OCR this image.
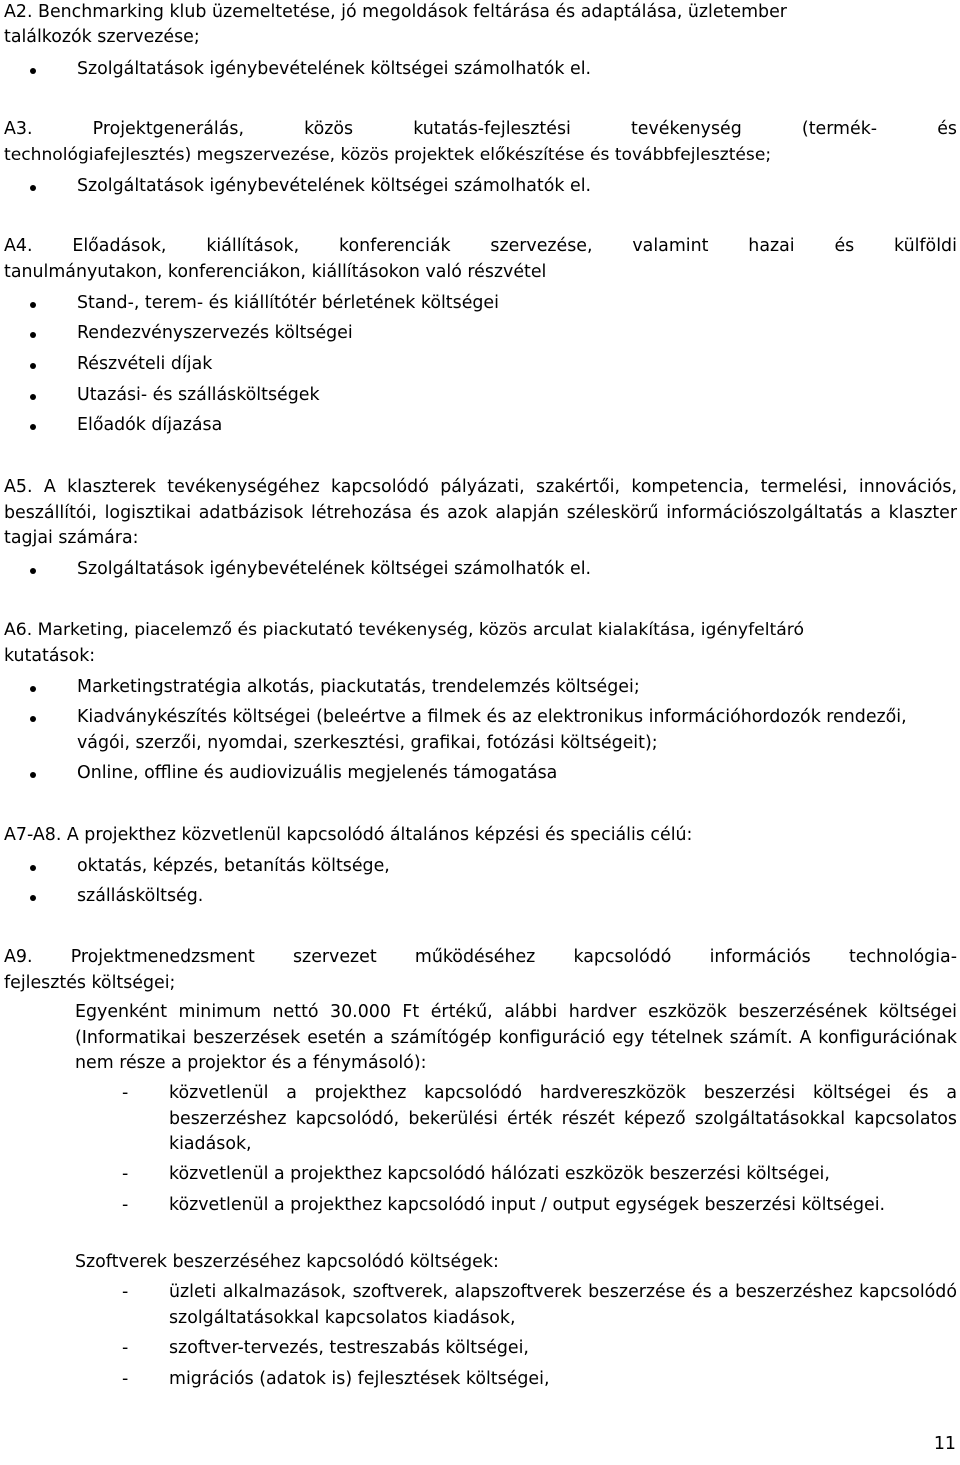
A2. Benchmarking klub üzemeltetése, jó megoldások feltárása és adaptálása, üzletember
találkozók szervezése;
Szolgáltatások igénybevételének költségei számolhatók el.
A3.	Projektgenerálás,	közös	kutatás-fejlesztési	tevékenység	(termék-	és
technológiafejlesztés) megszervezése, közös projektek előkészítése és továbbfejlesztése;
Szolgáltatások igénybevételének költségei számolhatók el.
A4. Előadások, kiállítások, konferenciák szervezése, valamint hazai és külföldi
tanulmányutakon, konferenciákon, kiállításokon való részvétel
Stand-, terem- és kiállítótér bérletének költségei
Rendezvényszervezés költségei
Részvételi díjak
Utazási- és szállásköltségek
Előadók díjazása
A5. A klaszterek tevékenységéhez kapcsolódó pályázati, szakértői, kompetencia, termelési, innovációs, beszállítói, logisztikai adatbázisok létrehozása és azok alapján széleskörű információszolgáltatás a klaszter tagjai számára:
Szolgáltatások igénybevételének költségei számolhatók el.
A6. Marketing, piacelemző és piackutató tevékenység, közös arculat kialakítása, igényfeltáró
kutatások:
Marketingstratégia alkotás, piackutatás, trendelemzés költségei;
Kiadványkészítés költségei (beleértve a filmek és az elektronikus információhordozók rendezői, vágói, szerzői, nyomdai, szerkesztési, grafikai, fotózási költségeit);
Online, offline és audiovizuális megjelenés támogatása
A7-A8. A projekthez közvetlenül kapcsolódó általános képzési és speciális célú:
oktatás, képzés, betanítás költsége,
szállásköltség.
A9. Projektmenedzsment szervezet működéséhez kapcsolódó információs technológia-
fejlesztés költségei;
Egyenként minimum nettó 30.000 Ft értékű, alábbi hardver eszközök beszerzésének költségei (Informatikai beszerzések esetén a számítógép konfiguráció egy tételnek számít. A konfigurációnak nem része a projektor és a fénymásoló):
- közvetlenül a projekthez kapcsolódó hardvereszközök beszerzési költségei és a beszerzéshez kapcsolódó, bekerülési érték részét képező szolgáltatásokkal kapcsolatos kiadások,
- közvetlenül a projekthez kapcsolódó hálózati eszközök beszerzési költségei,
- közvetlenül a projekthez kapcsolódó input / output egységek beszerzési költségei.
Szoftverek beszerzéséhez kapcsolódó költségek:
- üzleti alkalmazások, szoftverek, alapszoftverek beszerzése és a beszerzéshez kapcsolódó szolgáltatásokkal kapcsolatos kiadások,
- szoftver-tervezés, testreszabás költségei,
- migrációs (adatok is) fejlesztések költségei,
11
